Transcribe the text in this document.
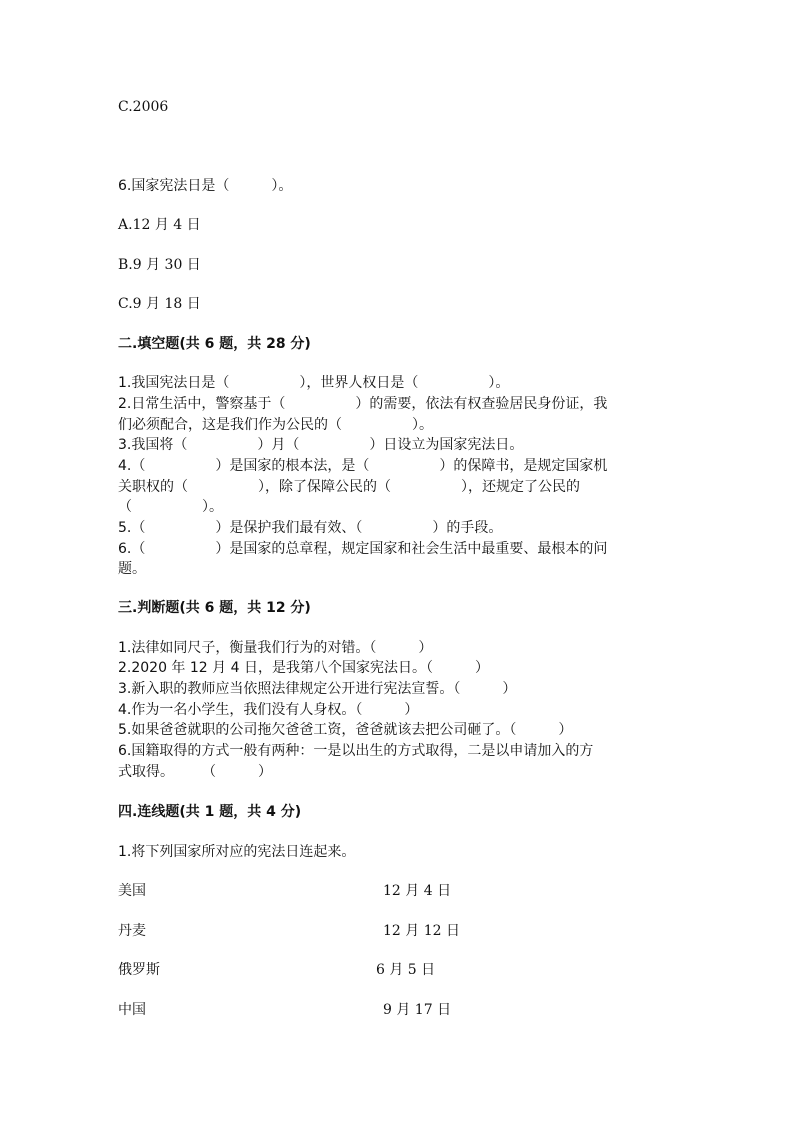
C.2006
6.国家宪法日是（　　　）。
A.12 月 4 日
B.9 月 30 日
C.9 月 18 日
二.填空题(共 6 题，共 28 分)
1.我国宪法日是（　　　　　），世界人权日是（　　　　　）。
2.日常生活中，警察基于（　　　　　）的需要，依法有权查验居民身份证，我
们必须配合，这是我们作为公民的（　　　　　）。
3.我国将（　　　　　）月（　　　　　）日设立为国家宪法日。
4.（　　　　　）是国家的根本法，是（　　　　　）的保障书，是规定国家机
关职权的（　　　　　），除了保障公民的（　　　　　），还规定了公民的
（　　　　　）。
5.（　　　　　）是保护我们最有效、（　　　　　）的手段。
6.（　　　　　）是国家的总章程，规定国家和社会生活中最重要、最根本的问
题。
三.判断题(共 6 题，共 12 分)
1.法律如同尺子，衡量我们行为的对错。（　　　）
2.2020 年 12 月 4 日，是我第八个国家宪法日。（　　　）
3.新入职的教师应当依照法律规定公开进行宪法宣誓。（　　　）
4.作为一名小学生，我们没有人身权。（　　　）
5.如果爸爸就职的公司拖欠爸爸工资，爸爸就该去把公司砸了。（　　　）
6.国籍取得的方式一般有两种：一是以出生的方式取得，二是以申请加入的方
式取得。　　　（　　　）
四.连线题(共 1 题，共 4 分)
1.将下列国家所对应的宪法日连起来。
美国	12 月 4 日
丹麦	12 月 12 日
俄罗斯	6 月 5 日
中国	9 月 17 日
